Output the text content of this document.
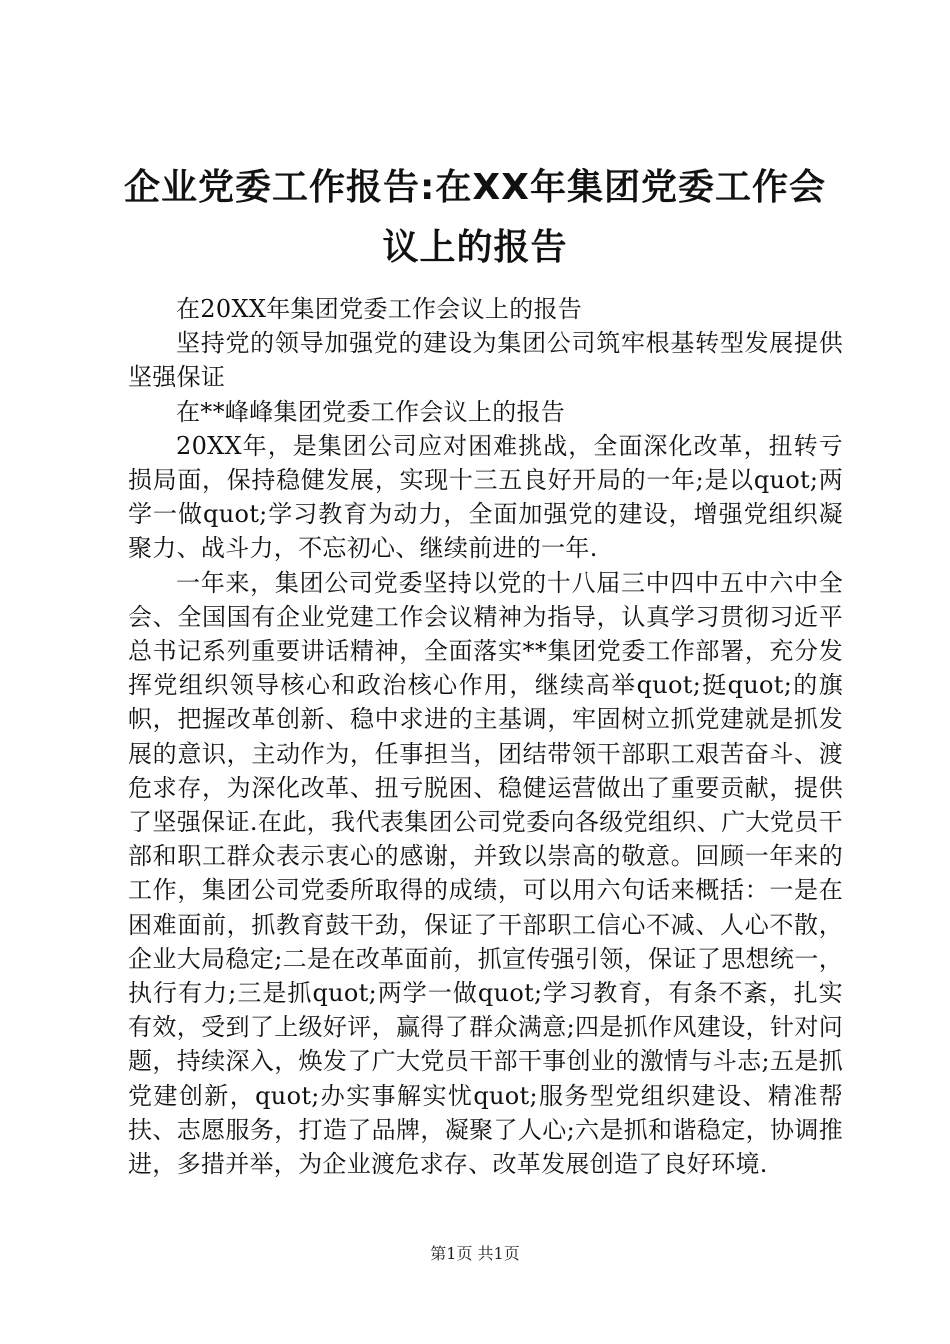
企业党委工作报告:在XX年集团党委工作会议上的报告

在20XX年集团党委工作会议上的报告

坚持党的领导加强党的建设为集团公司筑牢根基转型发展提供坚强保证

在**峰峰集团党委工作会议上的报告

20XX年，是集团公司应对困难挑战，全面深化改革，扭转亏损局面，保持稳健发展，实现十三五良好开局的一年;是以quot;两学一做quot;学习教育为动力，全面加强党的建设，增强党组织凝聚力、战斗力，不忘初心、继续前进的一年.

一年来，集团公司党委坚持以党的十八届三中四中五中六中全会、全国国有企业党建工作会议精神为指导，认真学习贯彻习近平总书记系列重要讲话精神，全面落实**集团党委工作部署，充分发挥党组织领导核心和政治核心作用，继续高举quot;挺quot;的旗帜，把握改革创新、稳中求进的主基调，牢固树立抓党建就是抓发展的意识，主动作为，任事担当，团结带领干部职工艰苦奋斗、渡危求存，为深化改革、扭亏脱困、稳健运营做出了重要贡献，提供了坚强保证.在此，我代表集团公司党委向各级党组织、广大党员干部和职工群众表示衷心的感谢，并致以崇高的敬意。回顾一年来的工作，集团公司党委所取得的成绩，可以用六句话来概括：一是在困难面前，抓教育鼓干劲，保证了干部职工信心不减、人心不散，企业大局稳定;二是在改革面前，抓宣传强引领，保证了思想统一，执行有力;三是抓quot;两学一做quot;学习教育，有条不紊，扎实有效，受到了上级好评，赢得了群众满意;四是抓作风建设，针对问题，持续深入，焕发了广大党员干部干事创业的激情与斗志;五是抓党建创新，quot;办实事解实忧quot;服务型党组织建设、精准帮扶、志愿服务，打造了品牌，凝聚了人心;六是抓和谐稳定，协调推进，多措并举，为企业渡危求存、改革发展创造了良好环境.

第1页 共1页
